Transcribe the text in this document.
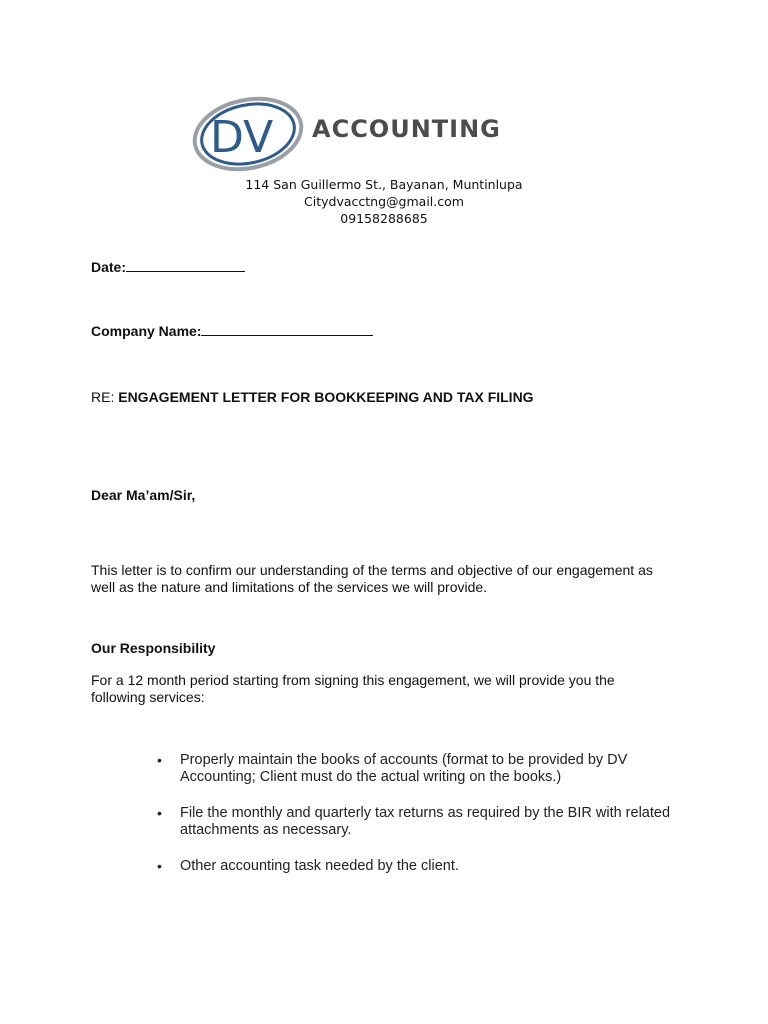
DV ACCOUNTING
114 San Guillermo St., Bayanan, Muntinlupa
Citydvacctng@gmail.com
09158288685
Date:
Company Name:
RE: ENGAGEMENT LETTER FOR BOOKKEEPING AND TAX FILING
Dear Ma’am/Sir,
This letter is to confirm our understanding of the terms and objective of our engagement as well as the nature and limitations of the services we will provide.
Our Responsibility
For a 12 month period starting from signing this engagement, we will provide you the following services:
• Properly maintain the books of accounts (format to be provided by DV Accounting; Client must do the actual writing on the books.)
• File the monthly and quarterly tax returns as required by the BIR with related attachments as necessary.
• Other accounting task needed by the client.
